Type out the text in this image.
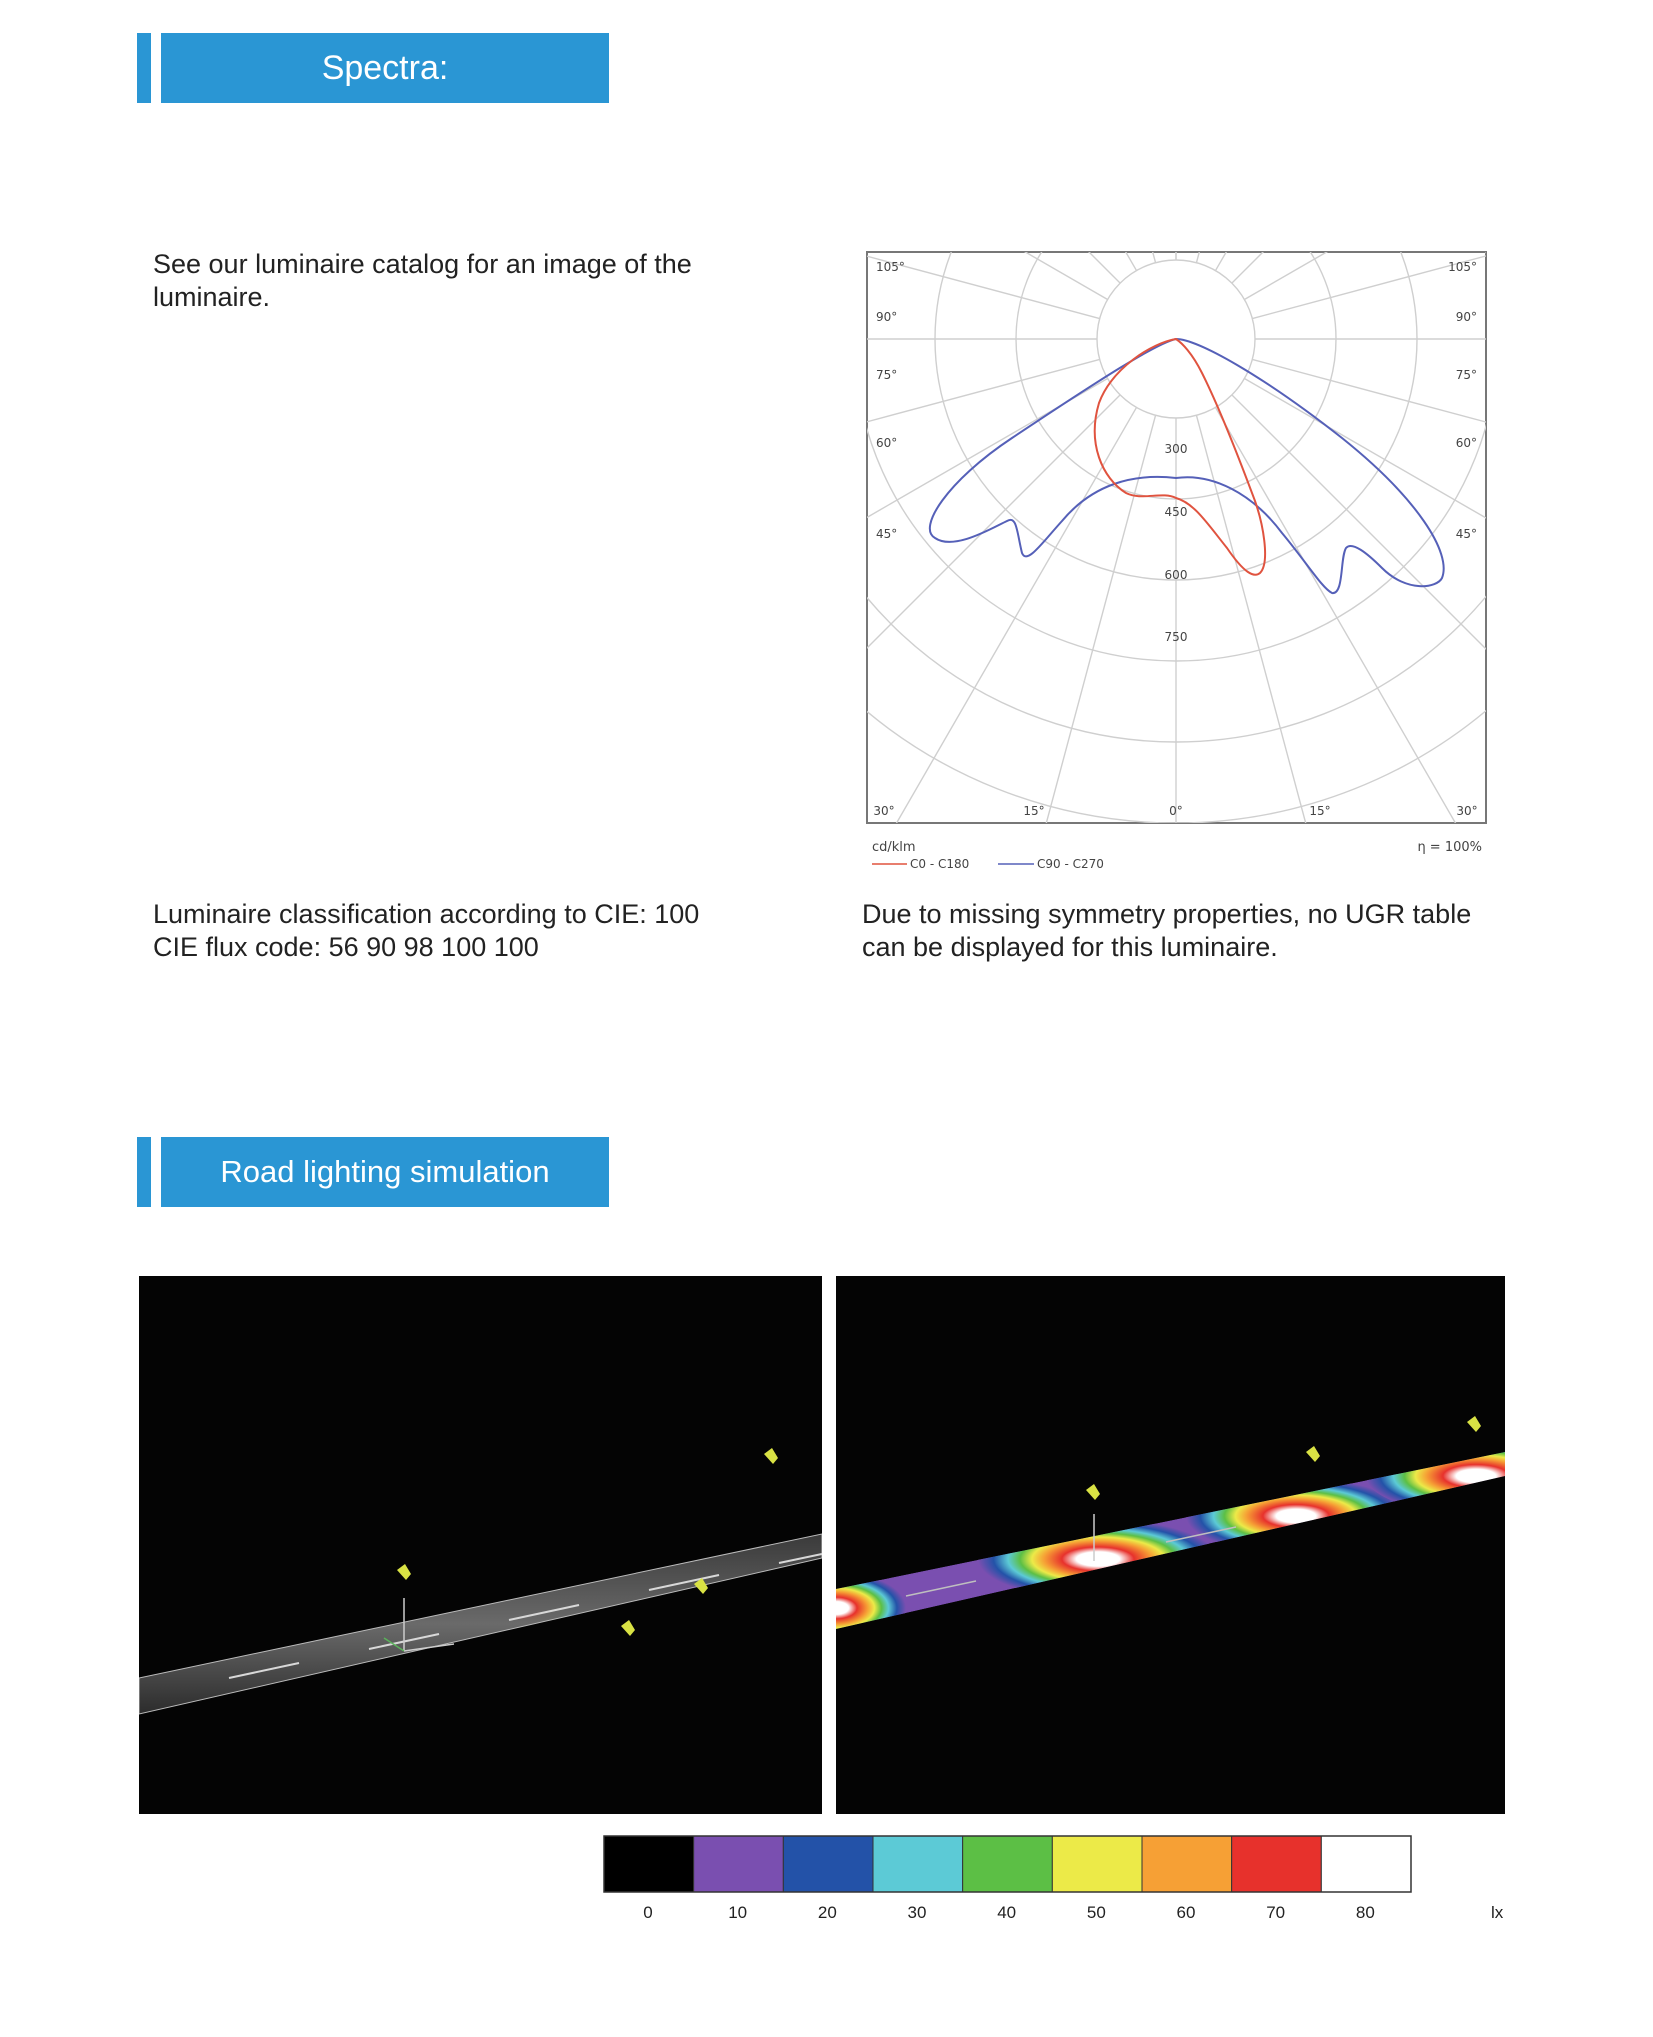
Spectra:
See our luminaire catalog for an image of the
luminaire.
105°
90°
75°
60°
45°
105°
90°
75°
60°
45°
30°	15°	0°	15°	30°
300
450
600
750
cd/klm	η = 100%
C0 - C180	C90 - C270
Luminaire classification according to CIE: 100
CIE flux code: 56 90 98 100 100
Due to missing symmetry properties, no UGR table
can be displayed for this luminaire.
Road lighting simulation
0	10	20	30	40	50	60	70	80	lx
